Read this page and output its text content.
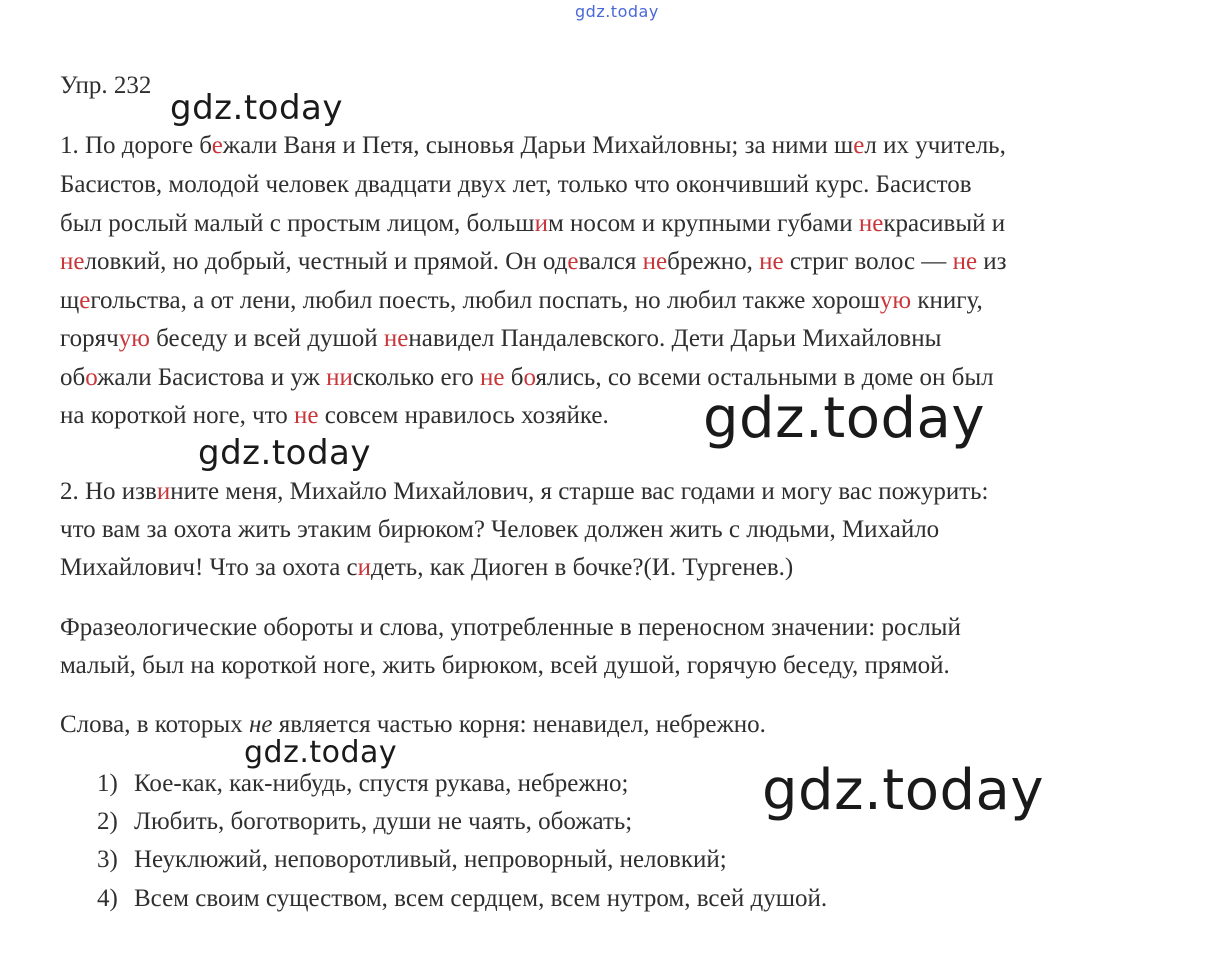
gdz.today
gdz.today
gdz.today
gdz.today
gdz.today
gdz.today
Упр. 232
1. По дороге бежали Ваня и Петя, сыновья Дарьи Михайловны; за ними шел их учитель,
Басистов, молодой человек двадцати двух лет, только что окончивший курс. Басистов
был рослый малый с простым лицом, большим носом и крупными губами некрасивый и
неловкий, но добрый, честный и прямой. Он одевался небрежно, не стриг волос — не из
щегольства, а от лени, любил поесть, любил поспать, но любил также хорошую книгу,
горячую беседу и всей душой ненавидел Пандалевского. Дети Дарьи Михайловны
обожали Басистова и уж нисколько его не боялись, со всеми остальными в доме он был
на короткой ноге, что не совсем нравилось хозяйке.
2. Но извините меня, Михайло Михайлович, я старше вас годами и могу вас пожурить:
что вам за охота жить этаким бирюком? Человек должен жить с людьми, Михайло
Михайлович! Что за охота сидеть, как Диоген в бочке?(И. Тургенев.)
Фразеологические обороты и слова, употребленные в переносном значении: рослый
малый, был на короткой ноге, жить бирюком, всей душой, горячую беседу, прямой.
Слова, в которых не является частью корня: ненавидел, небрежно.
1) Кое-как, как-нибудь, спустя рукава, небрежно;
2) Любить, боготворить, души не чаять, обожать;
3) Неуклюжий, неповоротливый, непроворный, неловкий;
4) Всем своим существом, всем сердцем, всем нутром, всей душой.
